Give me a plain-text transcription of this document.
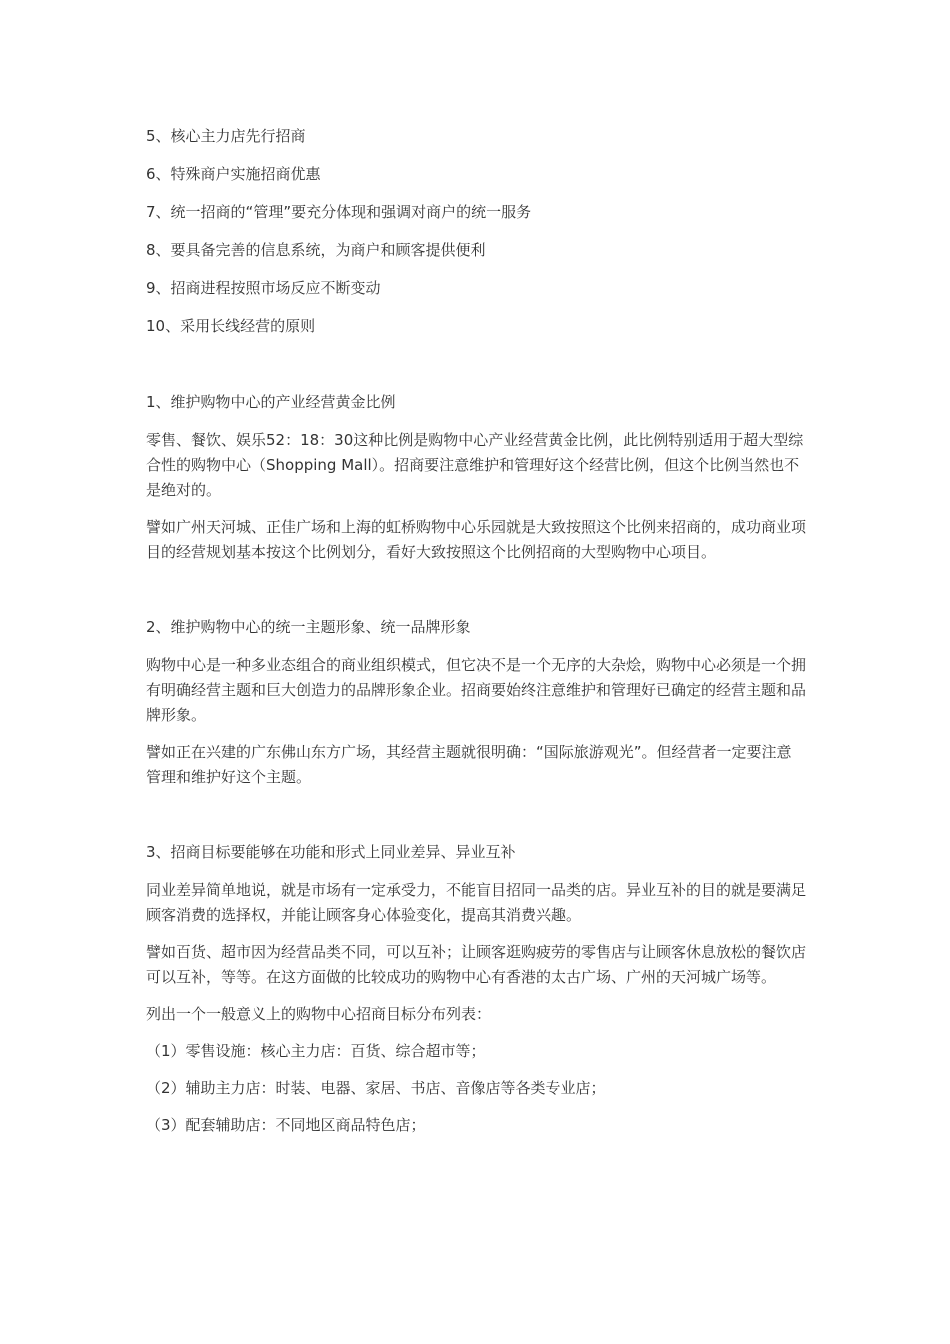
5、核心主力店先行招商

6、特殊商户实施招商优惠

7、统一招商的“管理”要充分体现和强调对商户的统一服务

8、要具备完善的信息系统，为商户和顾客提供便利

9、招商进程按照市场反应不断变动

10、采用长线经营的原则

1、维护购物中心的产业经营黄金比例

零售、餐饮、娱乐52：18：30这种比例是购物中心产业经营黄金比例，此比例特别适用于超大型综合性的购物中心（Shopping Mall）。招商要注意维护和管理好这个经营比例，但这个比例当然也不是绝对的。

譬如广州天河城、正佳广场和上海的虹桥购物中心乐园就是大致按照这个比例来招商的，成功商业项目的经营规划基本按这个比例划分，看好大致按照这个比例招商的大型购物中心项目。

2、维护购物中心的统一主题形象、统一品牌形象

购物中心是一种多业态组合的商业组织模式，但它决不是一个无序的大杂烩，购物中心必须是一个拥有明确经营主题和巨大创造力的品牌形象企业。招商要始终注意维护和管理好已确定的经营主题和品牌形象。

譬如正在兴建的广东佛山东方广场，其经营主题就很明确：“国际旅游观光”。但经营者一定要注意管理和维护好这个主题。

3、招商目标要能够在功能和形式上同业差异、异业互补

同业差异简单地说，就是市场有一定承受力，不能盲目招同一品类的店。异业互补的目的就是要满足顾客消费的选择权，并能让顾客身心体验变化，提高其消费兴趣。

譬如百货、超市因为经营品类不同，可以互补；让顾客逛购疲劳的零售店与让顾客休息放松的餐饮店可以互补，等等。在这方面做的比较成功的购物中心有香港的太古广场、广州的天河城广场等。

列出一个一般意义上的购物中心招商目标分布列表：

（1）零售设施：核心主力店：百货、综合超市等；

（2）辅助主力店：时装、电器、家居、书店、音像店等各类专业店；

（3）配套辅助店：不同地区商品特色店；
